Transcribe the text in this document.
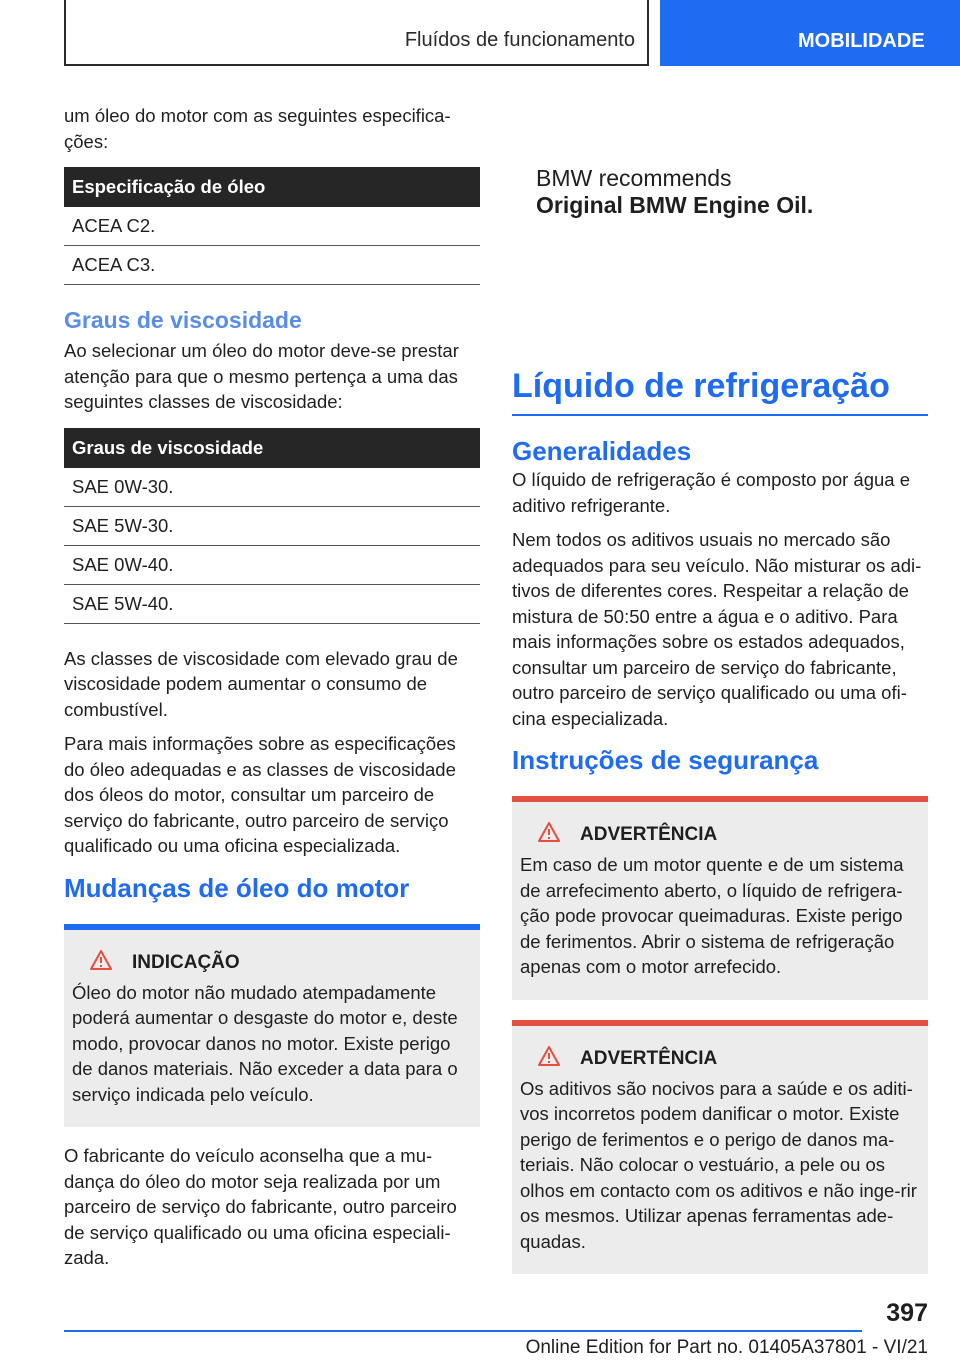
Fluídos de funcionamento	MOBILIDADE

um óleo do motor com as seguintes especifica-ções:

Especificação de óleo
ACEA C2.
ACEA C3.
Graus de viscosidade

Ao selecionar um óleo do motor deve-se prestar atenção para que o mesmo pertença a uma das seguintes classes de viscosidade:

Graus de viscosidade
SAE 0W-30.
SAE 5W-30.
SAE 0W-40.
SAE 5W-40.

As classes de viscosidade com elevado grau de viscosidade podem aumentar o consumo de combustível.

Para mais informações sobre as especificações do óleo adequadas e as classes de viscosidade dos óleos do motor, consultar um parceiro de serviço do fabricante, outro parceiro de serviço qualificado ou uma oficina especializada.

Mudanças de óleo do motor
INDICAÇÃO

Óleo do motor não mudado atempadamente poderá aumentar o desgaste do motor e, deste modo, provocar danos no motor. Existe perigo de danos materiais. Não exceder a data para o serviço indicada pelo veículo.

O fabricante do veículo aconselha que a mu-dança do óleo do motor seja realizada por um parceiro de serviço do fabricante, outro parceiro de serviço qualificado ou uma oficina especiali-zada.

BMW recommends
Original BMW Engine Oil.
Líquido de refrigeração
Generalidades

O líquido de refrigeração é composto por água e aditivo refrigerante.

Nem todos os aditivos usuais no mercado são adequados para seu veículo. Não misturar os adi-tivos de diferentes cores. Respeitar a relação de mistura de 50:50 entre a água e o aditivo. Para mais informações sobre os estados adequados, consultar um parceiro de serviço do fabricante, outro parceiro de serviço qualificado ou uma ofi-cina especializada.

Instruções de segurança
ADVERTÊNCIA

Em caso de um motor quente e de um sistema de arrefecimento aberto, o líquido de refrigera-ção pode provocar queimaduras. Existe perigo de ferimentos. Abrir o sistema de refrigeração apenas com o motor arrefecido.

ADVERTÊNCIA

Os aditivos são nocivos para a saúde e os aditi-vos incorretos podem danificar o motor. Existe perigo de ferimentos e o perigo de danos ma-teriais. Não colocar o vestuário, a pele ou os olhos em contacto com os aditivos e não inge-rir os mesmos. Utilizar apenas ferramentas ade-quadas.

397
Online Edition for Part no. 01405A37801 - VI/21
